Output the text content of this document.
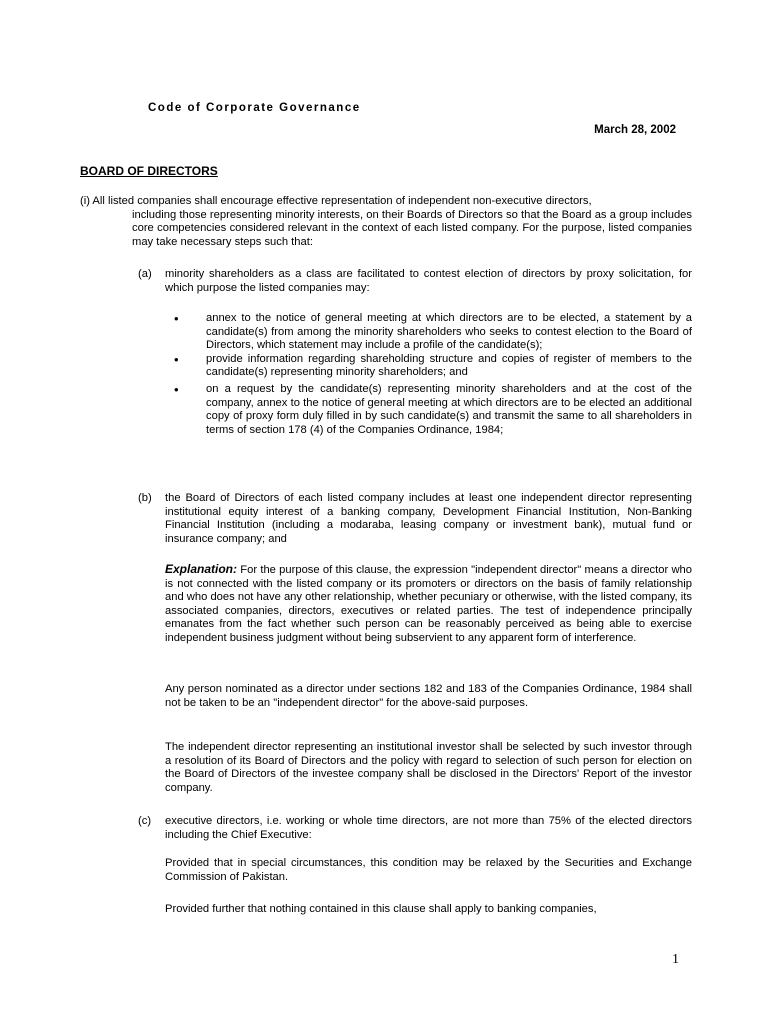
Code of Corporate Governance
March 28, 2002
BOARD OF DIRECTORS
(i) All listed companies shall encourage effective representation of independent non-executive directors,
including those representing minority interests, on their Boards of Directors so that the Board as a group includes core competencies considered relevant in the context of each listed company. For the purpose, listed companies may take necessary steps such that:
(a) minority shareholders as a class are facilitated to contest election of directors by proxy solicitation, for which purpose the listed companies may:
• annex to the notice of general meeting at which directors are to be elected, a statement by a candidate(s) from among the minority shareholders who seeks to contest election to the Board of Directors, which statement may include a profile of the candidate(s);
• provide information regarding shareholding structure and copies of register of members to the candidate(s) representing minority shareholders; and
• on a request by the candidate(s) representing minority shareholders and at the cost of the company, annex to the notice of general meeting at which directors are to be elected an additional copy of proxy form duly filled in by such candidate(s) and transmit the same to all shareholders in terms of section 178 (4) of the Companies Ordinance, 1984;
(b) the Board of Directors of each listed company includes at least one independent director representing institutional equity interest of a banking company, Development Financial Institution, Non-Banking Financial Institution (including a modaraba, leasing company or investment bank), mutual fund or insurance company; and
Explanation: For the purpose of this clause, the expression "independent director" means a director who is not connected with the listed company or its promoters or directors on the basis of family relationship and who does not have any other relationship, whether pecuniary or otherwise, with the listed company, its associated companies, directors, executives or related parties. The test of independence principally emanates from the fact whether such person can be reasonably perceived as being able to exercise independent business judgment without being subservient to any apparent form of interference.
Any person nominated as a director under sections 182 and 183 of the Companies Ordinance, 1984 shall not be taken to be an "independent director" for the above-said purposes.
The independent director representing an institutional investor shall be selected by such investor through a resolution of its Board of Directors and the policy with regard to selection of such person for election on the Board of Directors of the investee company shall be disclosed in the Directors' Report of the investor company.
(c) executive directors, i.e. working or whole time directors, are not more than 75% of the elected directors including the Chief Executive:
Provided that in special circumstances, this condition may be relaxed by the Securities and Exchange Commission of Pakistan.
Provided further that nothing contained in this clause shall apply to banking companies,
1
